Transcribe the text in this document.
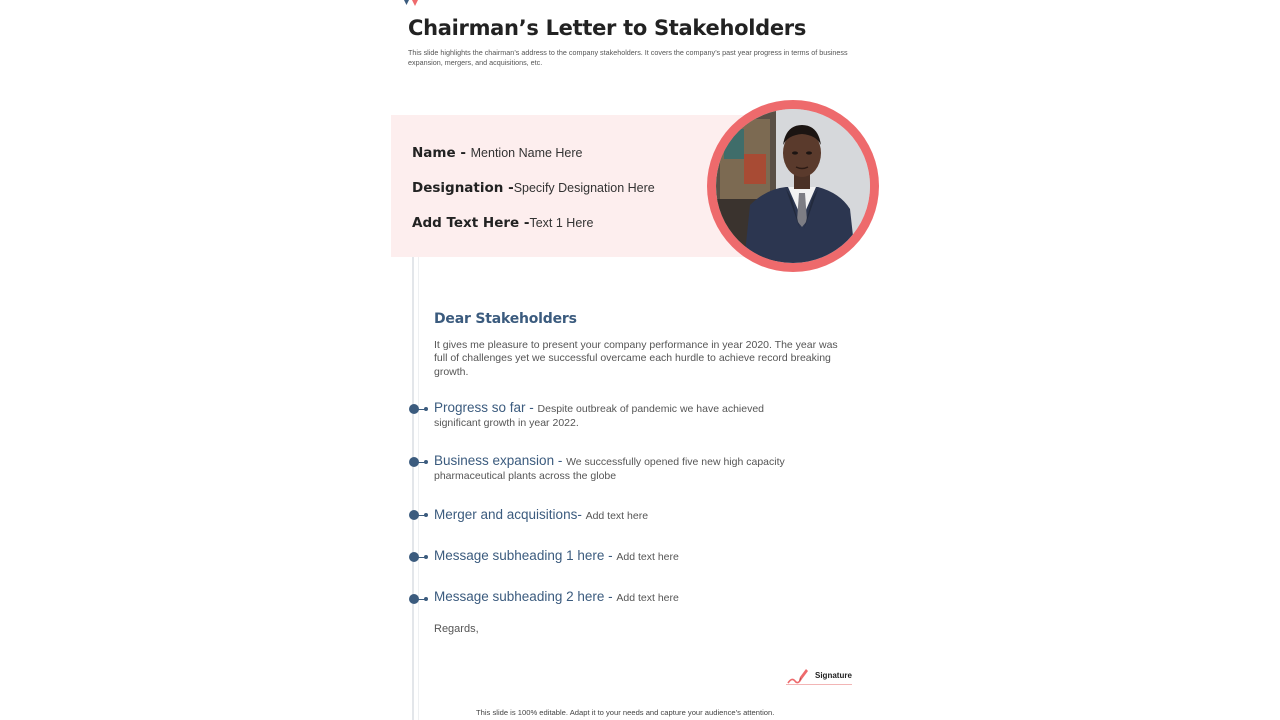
Chairman’s Letter to Stakeholders
This slide highlights the chairman’s address to the company stakeholders. It covers the company’s past year progress in terms of business expansion, mergers, and acquisitions, etc.
Name - Mention Name Here
Designation -Specify Designation Here
Add Text Here -Text 1 Here
Dear Stakeholders
It gives me pleasure to present your company performance in year 2020. The year was full of challenges yet we successful overcame each hurdle to achieve record breaking growth.
Progress so far - Despite outbreak of pandemic we have achieved significant growth in year 2022.
Business expansion - We successfully opened five new high capacity pharmaceutical plants across the globe
Merger and acquisitions- Add text here
Message subheading 1 here - Add text here
Message subheading 2 here - Add text here
Regards,
Signature
This slide is 100% editable. Adapt it to your needs and capture your audience’s attention.
